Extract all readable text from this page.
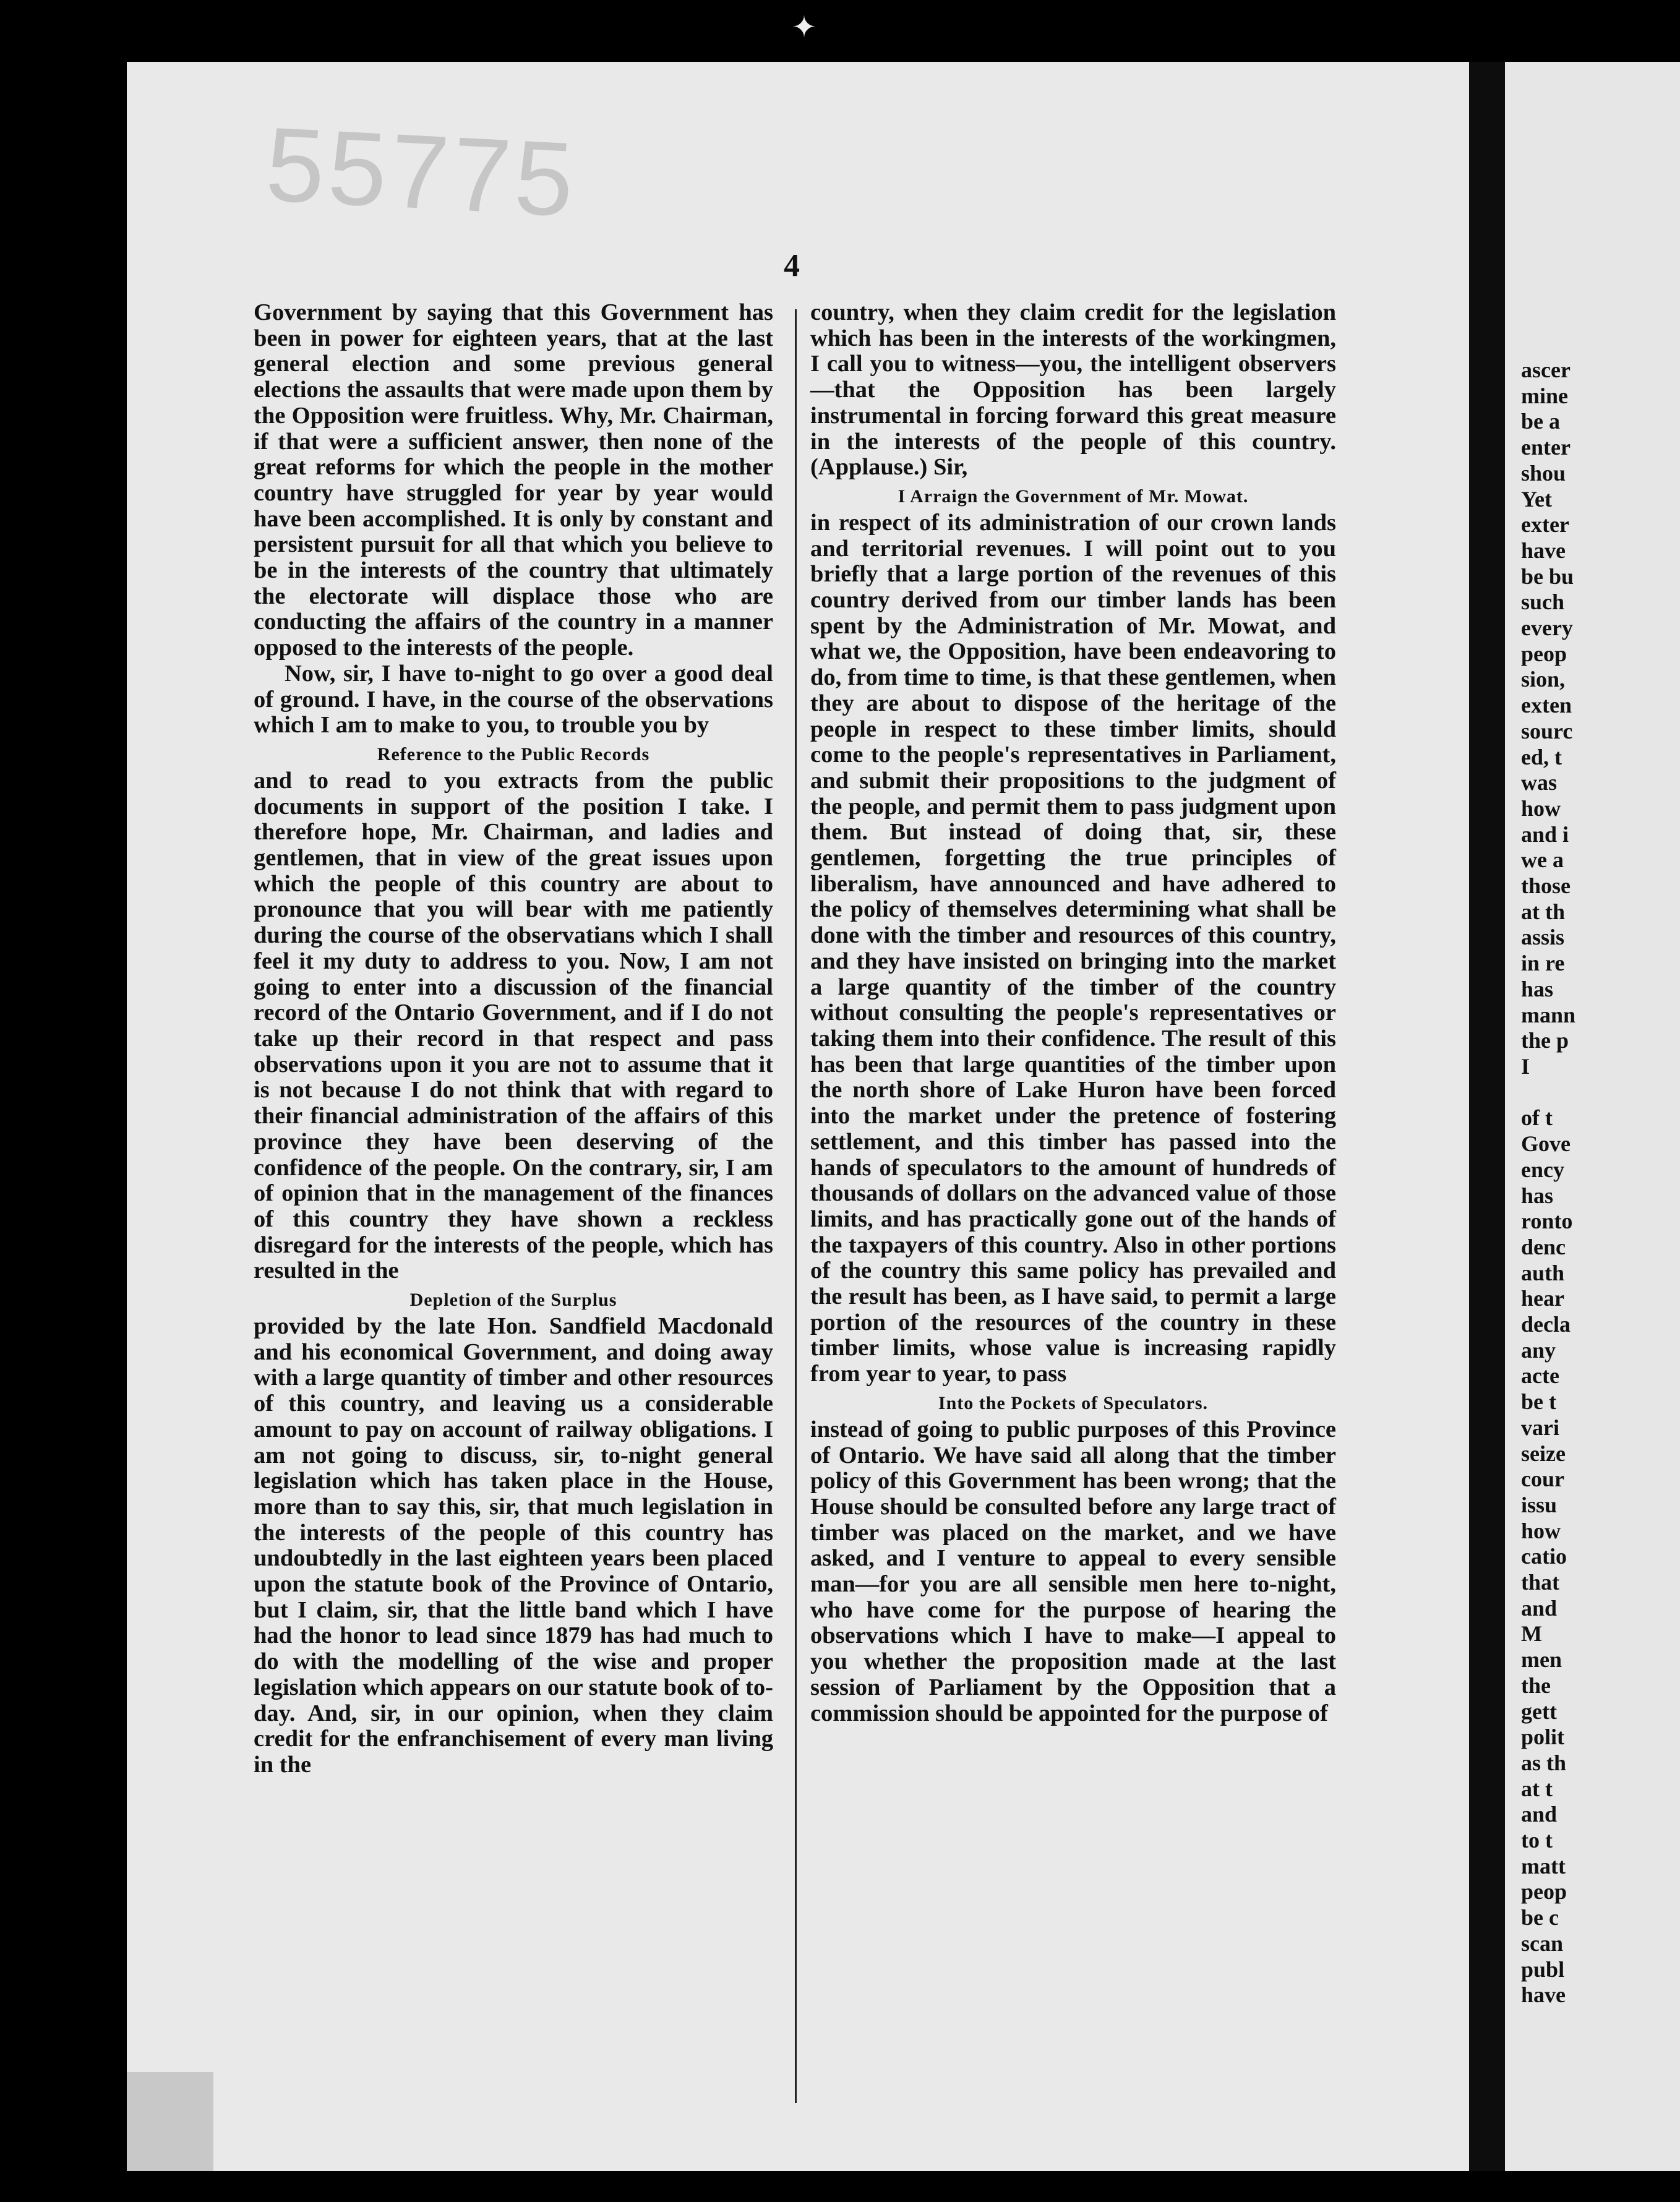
✦
ascer
mine
be a
enter
shou
Yet
exter
have
be bu
such
every
peop
sion,
exten
sourc
ed, t
was
how
and i
we a
those
at th
assis
in re
has
mann
the p
I

of t
Gove
ency
has
ronto
denc
auth
hear
decla
any
acte
be t
vari
seize
cour
issu
how
catio
that
and
M
men
the
gett
polit
as th
at t
and
to t
matt
peop
be c
scan
publ
have
55775
4

Government by saying that this Government has been in power for eighteen years, that at the last general election and some previous general elections the assaults that were made upon them by the Opposition were fruitless. Why, Mr. Chairman, if that were a sufficient answer, then none of the great reforms for which the people in the mother country have struggled for year by year would have been accomplished. It is only by constant and persistent pursuit for all that which you believe to be in the interests of the country that ultimately the electorate will displace those who are conducting the affairs of the country in a manner opposed to the interests of the people.

Now, sir, I have to-night to go over a good deal of ground. I have, in the course of the observations which I am to make to you, to trouble you by

Reference to the Public Records

and to read to you extracts from the public documents in support of the position I take. I therefore hope, Mr. Chairman, and ladies and gentlemen, that in view of the great issues upon which the people of this country are about to pronounce that you will bear with me patiently during the course of the observatians which I shall feel it my duty to address to you. Now, I am not going to enter into a discussion of the financial record of the Ontario Government, and if I do not take up their record in that respect and pass observations upon it you are not to assume that it is not because I do not think that with regard to their financial administration of the affairs of this province they have been deserving of the confidence of the people. On the contrary, sir, I am of opinion that in the management of the finances of this country they have shown a reckless disregard for the interests of the people, which has resulted in the

Depletion of the Surplus

provided by the late Hon. Sandfield Macdonald and his economical Government, and doing away with a large quantity of timber and other resources of this country, and leaving us a considerable amount to pay on account of railway obligations. I am not going to discuss, sir, to-night general legislation which has taken place in the House, more than to say this, sir, that much legislation in the interests of the people of this country has undoubtedly in the last eighteen years been placed upon the statute book of the Province of Ontario, but I claim, sir, that the little band which I have had the honor to lead since 1879 has had much to do with the modelling of the wise and proper legislation which appears on our statute book of to-day. And, sir, in our opinion, when they claim credit for the enfranchisement of every man living in the

country, when they claim credit for the legislation which has been in the interests of the workingmen, I call you to witness—you, the intelligent observers—that the Opposition has been largely instrumental in forcing forward this great measure in the interests of the people of this country. (Applause.) Sir,

I Arraign the Government of Mr. Mowat.

in respect of its administration of our crown lands and territorial revenues. I will point out to you briefly that a large portion of the revenues of this country derived from our timber lands has been spent by the Administration of Mr. Mowat, and what we, the Opposition, have been endeavoring to do, from time to time, is that these gentlemen, when they are about to dispose of the heritage of the people in respect to these timber limits, should come to the people's representatives in Parliament, and submit their propositions to the judgment of the people, and permit them to pass judgment upon them. But instead of doing that, sir, these gentlemen, forgetting the true principles of liberalism, have announced and have adhered to the policy of themselves determining what shall be done with the timber and resources of this country, and they have insisted on bringing into the market a large quantity of the timber of the country without consulting the people's representatives or taking them into their confidence. The result of this has been that large quantities of the timber upon the north shore of Lake Huron have been forced into the market under the pretence of fostering settlement, and this timber has passed into the hands of speculators to the amount of hundreds of thousands of dollars on the advanced value of those limits, and has practically gone out of the hands of the taxpayers of this country. Also in other portions of the country this same policy has prevailed and the result has been, as I have said, to permit a large portion of the resources of the country in these timber limits, whose value is increasing rapidly from year to year, to pass

Into the Pockets of Speculators.

instead of going to public purposes of this Province of Ontario. We have said all along that the timber policy of this Government has been wrong; that the House should be consulted before any large tract of timber was placed on the market, and we have asked, and I venture to appeal to every sensible man—for you are all sensible men here to-night, who have come for the purpose of hearing the observations which I have to make—I appeal to you whether the proposition made at the last session of Parliament by the Opposition that a commission should be appointed for the purpose of
